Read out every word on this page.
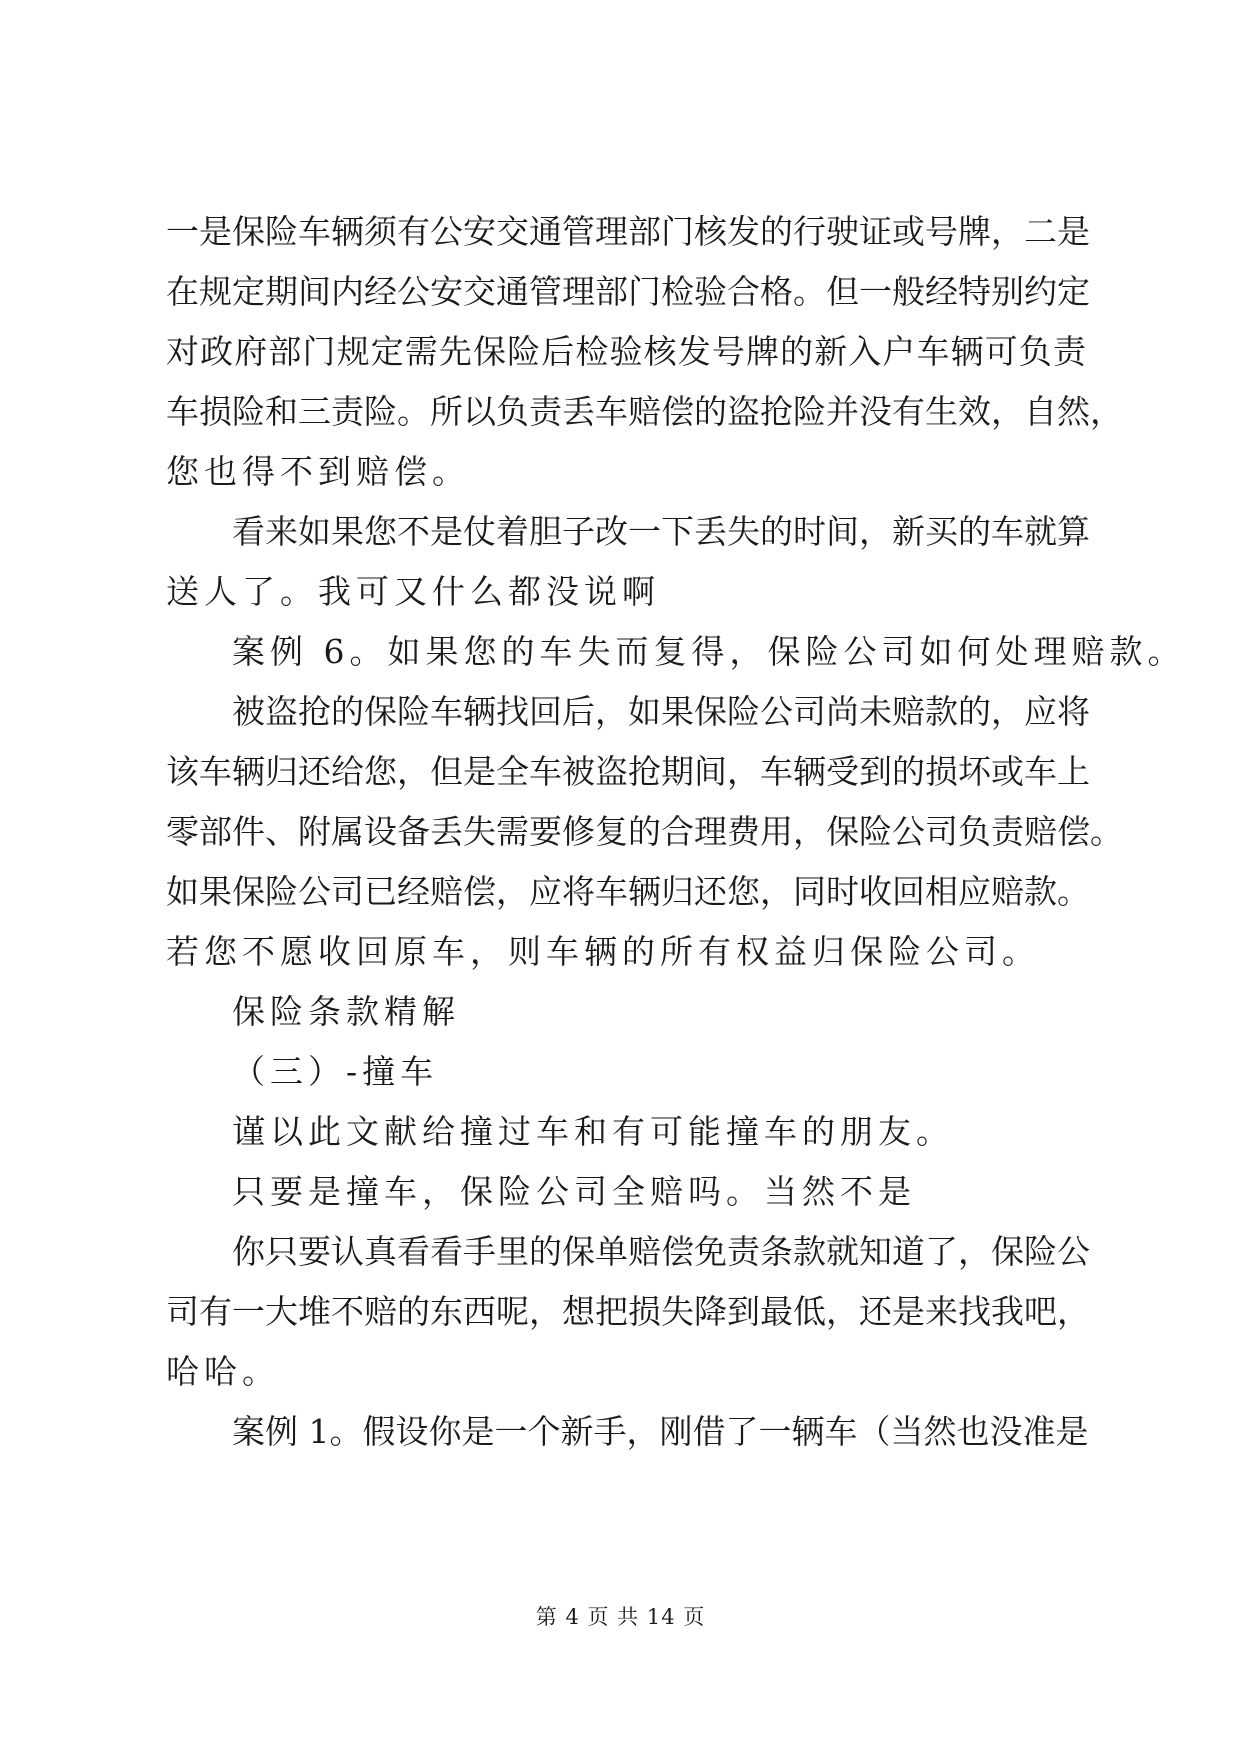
一是保险车辆须有公安交通管理部门核发的行驶证或号牌，二是
在规定期间内经公安交通管理部门检验合格。但一般经特别约定
对政府部门规定需先保险后检验核发号牌的新入户车辆可负责
车损险和三责险。所以负责丢车赔偿的盗抢险并没有生效，自然，
您也得不到赔偿。
看来如果您不是仗着胆子改一下丢失的时间，新买的车就算
送人了。我可又什么都没说啊
案例 6。如果您的车失而复得，保险公司如何处理赔款。
被盗抢的保险车辆找回后，如果保险公司尚未赔款的，应将
该车辆归还给您，但是全车被盗抢期间，车辆受到的损坏或车上
零部件、附属设备丢失需要修复的合理费用，保险公司负责赔偿。
如果保险公司已经赔偿，应将车辆归还您，同时收回相应赔款。
若您不愿收回原车，则车辆的所有权益归保险公司。
保险条款精解
（三）-撞车
谨以此文献给撞过车和有可能撞车的朋友。
只要是撞车，保险公司全赔吗。当然不是
你只要认真看看手里的保单赔偿免责条款就知道了，保险公
司有一大堆不赔的东西呢，想把损失降到最低，还是来找我吧，
哈哈。
案例 1。假设你是一个新手，刚借了一辆车（当然也没准是
第 4 页 共 14 页
